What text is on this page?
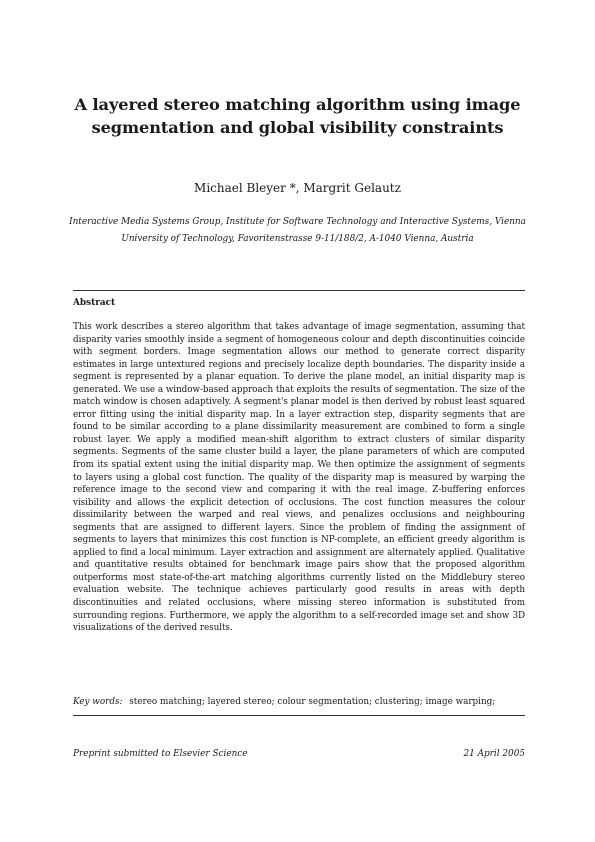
A layered stereo matching algorithm using image segmentation and global visibility constraints

Michael Bleyer *, Margrit Gelautz

Interactive Media Systems Group, Institute for Software Technology and Interactive Systems, Vienna University of Technology, Favoritenstrasse 9-11/188/2, A-1040 Vienna, Austria

Abstract

This work describes a stereo algorithm that takes advantage of image segmentation, assuming that disparity varies smoothly inside a segment of homogeneous colour and depth discontinuities coincide with segment borders. Image segmentation allows our method to generate correct disparity estimates in large untextured regions and precisely localize depth boundaries. The disparity inside a segment is represented by a planar equation. To derive the plane model, an initial disparity map is generated. We use a window-based approach that exploits the results of segmentation. The size of the match window is chosen adaptively. A segment's planar model is then derived by robust least squared error fitting using the initial disparity map. In a layer extraction step, disparity segments that are found to be similar according to a plane dissimilarity measurement are combined to form a single robust layer. We apply a modified mean-shift algorithm to extract clusters of similar disparity segments. Segments of the same cluster build a layer, the plane parameters of which are computed from its spatial extent using the initial disparity map. We then optimize the assignment of segments to layers using a global cost function. The quality of the disparity map is measured by warping the reference image to the second view and comparing it with the real image. Z-buffering enforces visibility and allows the explicit detection of occlusions. The cost function measures the colour dissimilarity between the warped and real views, and penalizes occlusions and neighbouring segments that are assigned to different layers. Since the problem of finding the assignment of segments to layers that minimizes this cost function is NP-complete, an efficient greedy algorithm is applied to find a local minimum. Layer extraction and assignment are alternately applied. Qualitative and quantitative results obtained for benchmark image pairs show that the proposed algorithm outperforms most state-of-the-art matching algorithms currently listed on the Middlebury stereo evaluation website. The technique achieves particularly good results in areas with depth discontinuities and related occlusions, where missing stereo information is substituted from surrounding regions. Furthermore, we apply the algorithm to a self-recorded image set and show 3D visualizations of the derived results.

Key words: stereo matching; layered stereo; colour segmentation; clustering; image warping;

Preprint submitted to Elsevier Science	21 April 2005
